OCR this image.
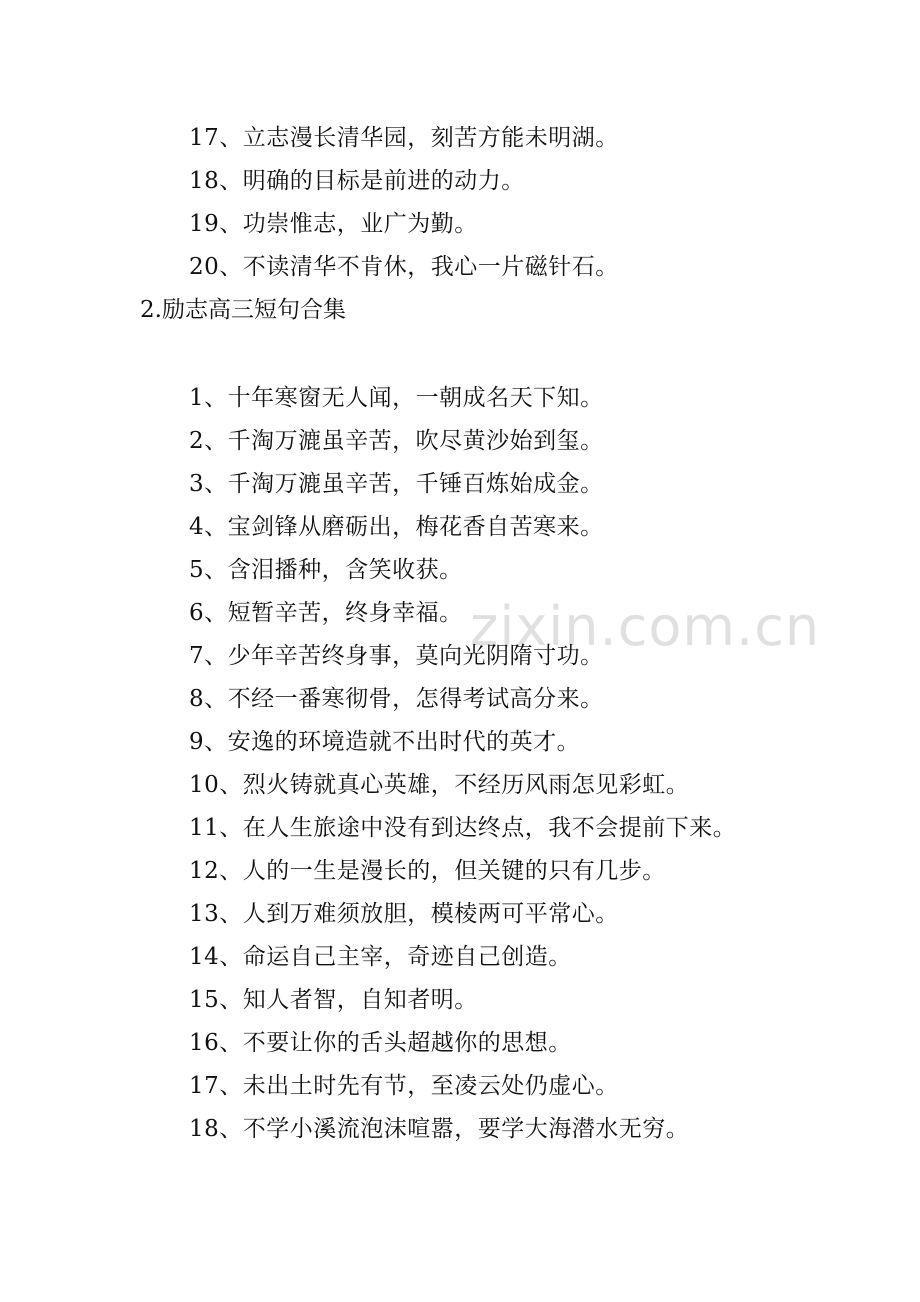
17、立志漫长清华园，刻苦方能未明湖。
18、明确的目标是前进的动力。
19、功崇惟志，业广为勤。
20、不读清华不肯休，我心一片磁针石。
2.励志高三短句合集
1、十年寒窗无人闻，一朝成名天下知。
2、千淘万漉虽辛苦，吹尽黄沙始到玺。
3、千淘万漉虽辛苦，千锤百炼始成金。
4、宝剑锋从磨砺出，梅花香自苦寒来。
5、含泪播种，含笑收获。
6、短暂辛苦，终身幸福。
7、少年辛苦终身事，莫向光阴隋寸功。
8、不经一番寒彻骨，怎得考试高分来。
9、安逸的环境造就不出时代的英才。
10、烈火铸就真心英雄，不经历风雨怎见彩虹。
11、在人生旅途中没有到达终点，我不会提前下来。
12、人的一生是漫长的，但关键的只有几步。
13、人到万难须放胆，模棱两可平常心。
14、命运自己主宰，奇迹自己创造。
15、知人者智，自知者明。
16、不要让你的舌头超越你的思想。
17、未出土时先有节，至凌云处仍虚心。
18、不学小溪流泡沫喧嚣，要学大海潜水无穷。
zixin.com.cn
